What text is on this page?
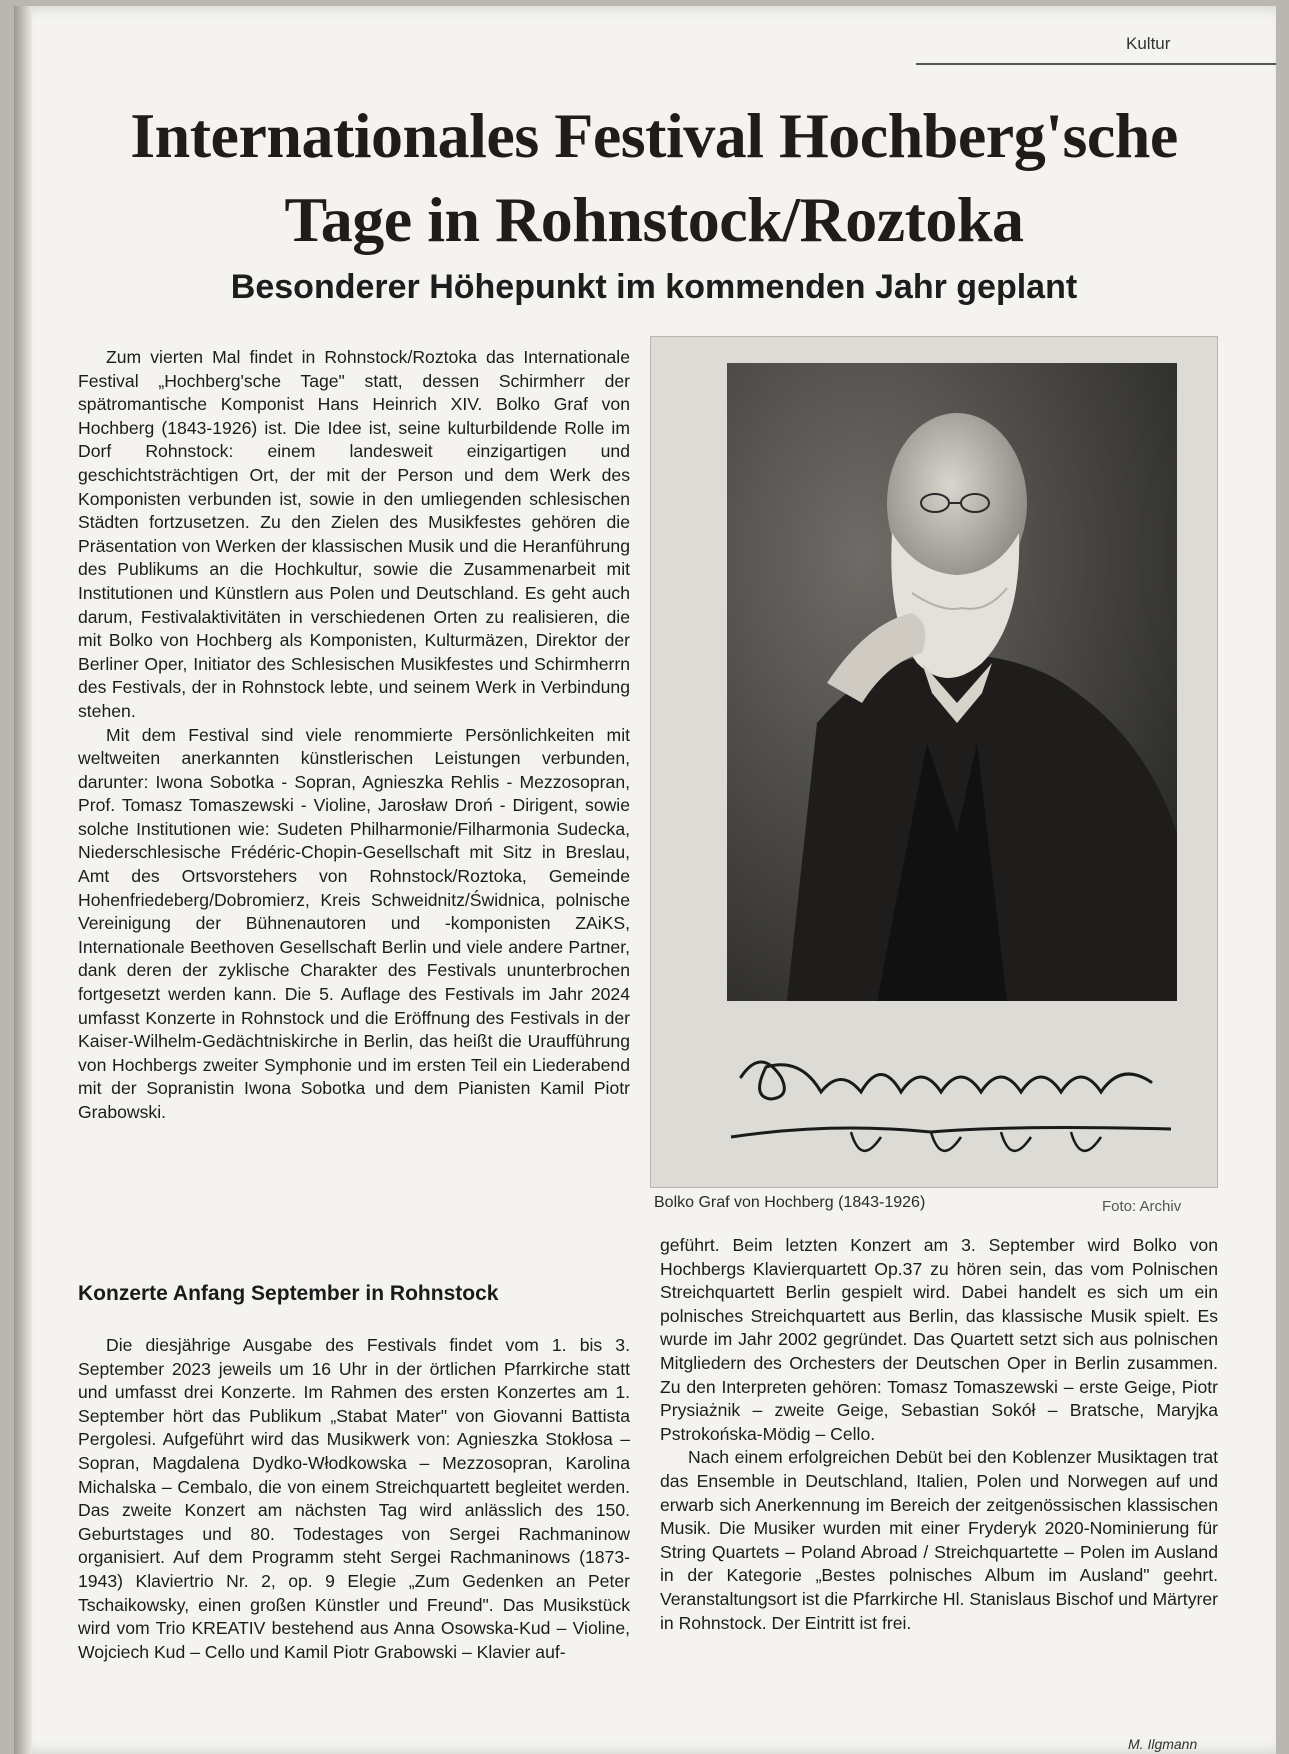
Kultur
Internationales Festival Hochberg'sche
Tage in Rohnstock/Roztoka
Besonderer Höhepunkt im kommenden Jahr geplant

Zum vierten Mal findet in Rohnstock/Roztoka das Internationale Festival „Hochberg'sche Tage" statt, dessen Schirmherr der spätromantische Komponist Hans Heinrich XIV. Bolko Graf von Hochberg (1843-1926) ist. Die Idee ist, seine kulturbildende Rolle im Dorf Rohnstock: einem landesweit einzigartigen und geschichtsträchtigen Ort, der mit der Person und dem Werk des Komponisten verbunden ist, sowie in den umliegenden schlesischen Städten fortzusetzen. Zu den Zielen des Musikfestes gehören die Präsentation von Werken der klassischen Musik und die Heranführung des Publikums an die Hochkultur, sowie die Zusammenarbeit mit Institutionen und Künstlern aus Polen und Deutschland. Es geht auch darum, Festivalaktivitäten in verschiedenen Orten zu realisieren, die mit Bolko von Hochberg als Komponisten, Kulturmäzen, Direktor der Berliner Oper, Initiator des Schlesischen Musikfestes und Schirmherrn des Festivals, der in Rohnstock lebte, und seinem Werk in Verbindung stehen.

Mit dem Festival sind viele renommierte Persönlichkeiten mit weltweiten anerkannten künstlerischen Leistungen verbunden, darunter: Iwona Sobotka - Sopran, Agnieszka Rehlis - Mezzosopran, Prof. Tomasz Tomaszewski - Violine, Jarosław Droń - Dirigent, sowie solche Institutionen wie: Sudeten Philharmonie/Filharmonia Sudecka, Niederschlesische Frédéric-Chopin-Gesellschaft mit Sitz in Breslau, Amt des Ortsvorstehers von Rohnstock/Roztoka, Gemeinde Hohenfriedeberg/Dobromierz, Kreis Schweidnitz/Świdnica, polnische Vereinigung der Bühnenautoren und -komponisten ZAiKS, Internationale Beethoven Gesellschaft Berlin und viele andere Partner, dank deren der zyklische Charakter des Festivals ununterbrochen fortgesetzt werden kann. Die 5. Auflage des Festivals im Jahr 2024 umfasst Konzerte in Rohnstock und die Eröffnung des Festivals in der Kaiser-Wilhelm-Gedächtniskirche in Berlin, das heißt die Uraufführung von Hochbergs zweiter Symphonie und im ersten Teil ein Liederabend mit der Sopranistin Iwona Sobotka und dem Pianisten Kamil Piotr Grabowski.

Konzerte Anfang September in Rohnstock

Die diesjährige Ausgabe des Festivals findet vom 1. bis 3. September 2023 jeweils um 16 Uhr in der örtlichen Pfarrkirche statt und umfasst drei Konzerte. Im Rahmen des ersten Konzertes am 1. September hört das Publikum „Stabat Mater" von Giovanni Battista Pergolesi. Aufgeführt wird das Musikwerk von: Agnieszka Stokłosa – Sopran, Magdalena Dydko-Włodkowska – Mezzosopran, Karolina Michalska – Cembalo, die von einem Streichquartett begleitet werden. Das zweite Konzert am nächsten Tag wird anlässlich des 150. Geburtstages und 80. Todestages von Sergei Rachmaninow organisiert. Auf dem Programm steht Sergei Rachmaninows (1873-1943) Klaviertrio Nr. 2, op. 9 Elegie „Zum Gedenken an Peter Tschaikowsky, einen großen Künstler und Freund". Das Musikstück wird vom Trio KREATIV bestehend aus Anna Osowska-Kud – Violine, Wojciech Kud – Cello und Kamil Piotr Grabowski – Klavier auf-

Bolko Graf von Hochberg (1843-1926)	Foto: Archiv

geführt. Beim letzten Konzert am 3. September wird Bolko von Hochbergs Klavierquartett Op.37 zu hören sein, das vom Polnischen Streichquartett Berlin gespielt wird. Dabei handelt es sich um ein polnisches Streichquartett aus Berlin, das klassische Musik spielt. Es wurde im Jahr 2002 gegründet. Das Quartett setzt sich aus polnischen Mitgliedern des Orchesters der Deutschen Oper in Berlin zusammen. Zu den Interpreten gehören: Tomasz Tomaszewski – erste Geige, Piotr Prysiażnik – zweite Geige, Sebastian Sokół – Bratsche, Maryjka Pstrokońska-Mödig – Cello.

Nach einem erfolgreichen Debüt bei den Koblenzer Musiktagen trat das Ensemble in Deutschland, Italien, Polen und Norwegen auf und erwarb sich Anerkennung im Bereich der zeitgenössischen klassischen Musik. Die Musiker wurden mit einer Fryderyk 2020-Nominierung für String Quartets – Poland Abroad / Streichquartette – Polen im Ausland in der Kategorie „Bestes polnisches Album im Ausland" geehrt. Veranstaltungsort ist die Pfarrkirche Hl. Stanislaus Bischof und Märtyrer in Rohnstock. Der Eintritt ist frei.

M. Ilgmann
